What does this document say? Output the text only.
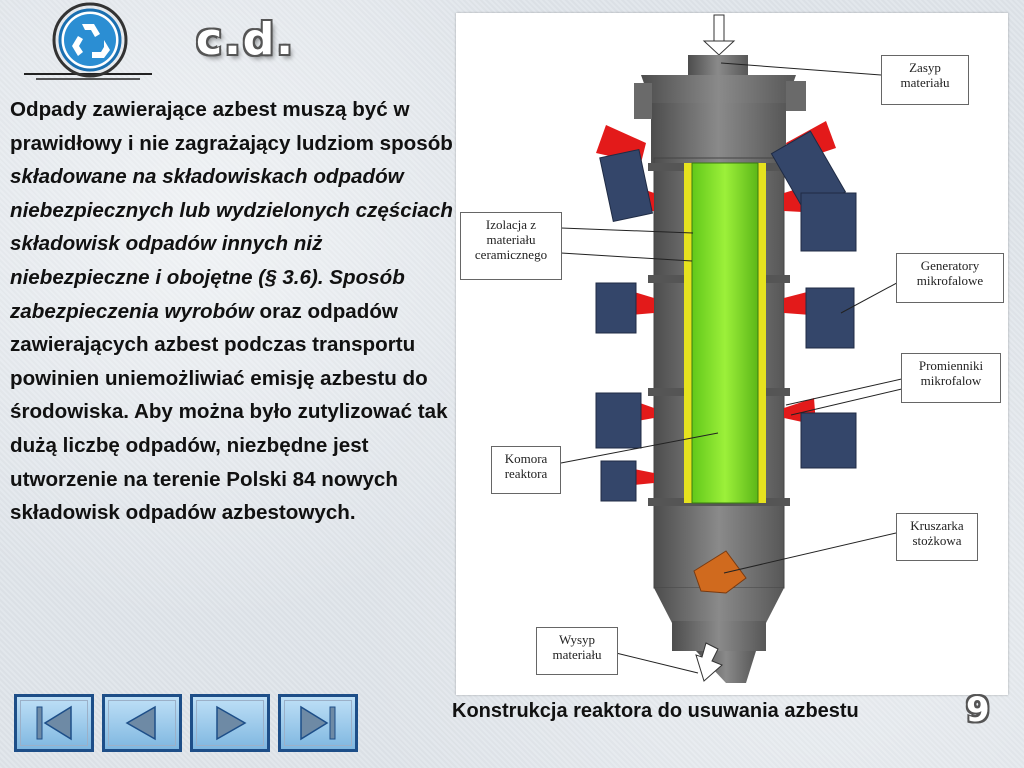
c.d.
Odpady zawierające azbest muszą być w prawidłowy i nie zagrażający ludziom sposób składowane na składowiskach odpadów niebezpiecznych lub wydzielonych częściach składowisk odpadów innych niż niebezpieczne i obojętne (§ 3.6). Sposób zabezpieczenia wyrobów oraz odpadów zawierających azbest podczas transportu powinien uniemożliwiać emisję azbestu do środowiska. Aby można było zutylizować tak dużą liczbę odpadów, niezbędne jest utworzenie na terenie Polski 84 nowych składowisk odpadów azbestowych.
Zasyp materiału
Izolacja z materiału ceramicznego
Generatory mikrofalowe
Promienniki mikrofalow
Komora reaktora
Kruszarka stożkowa
Wysyp materiału
Konstrukcja reaktora do usuwania azbestu	9
